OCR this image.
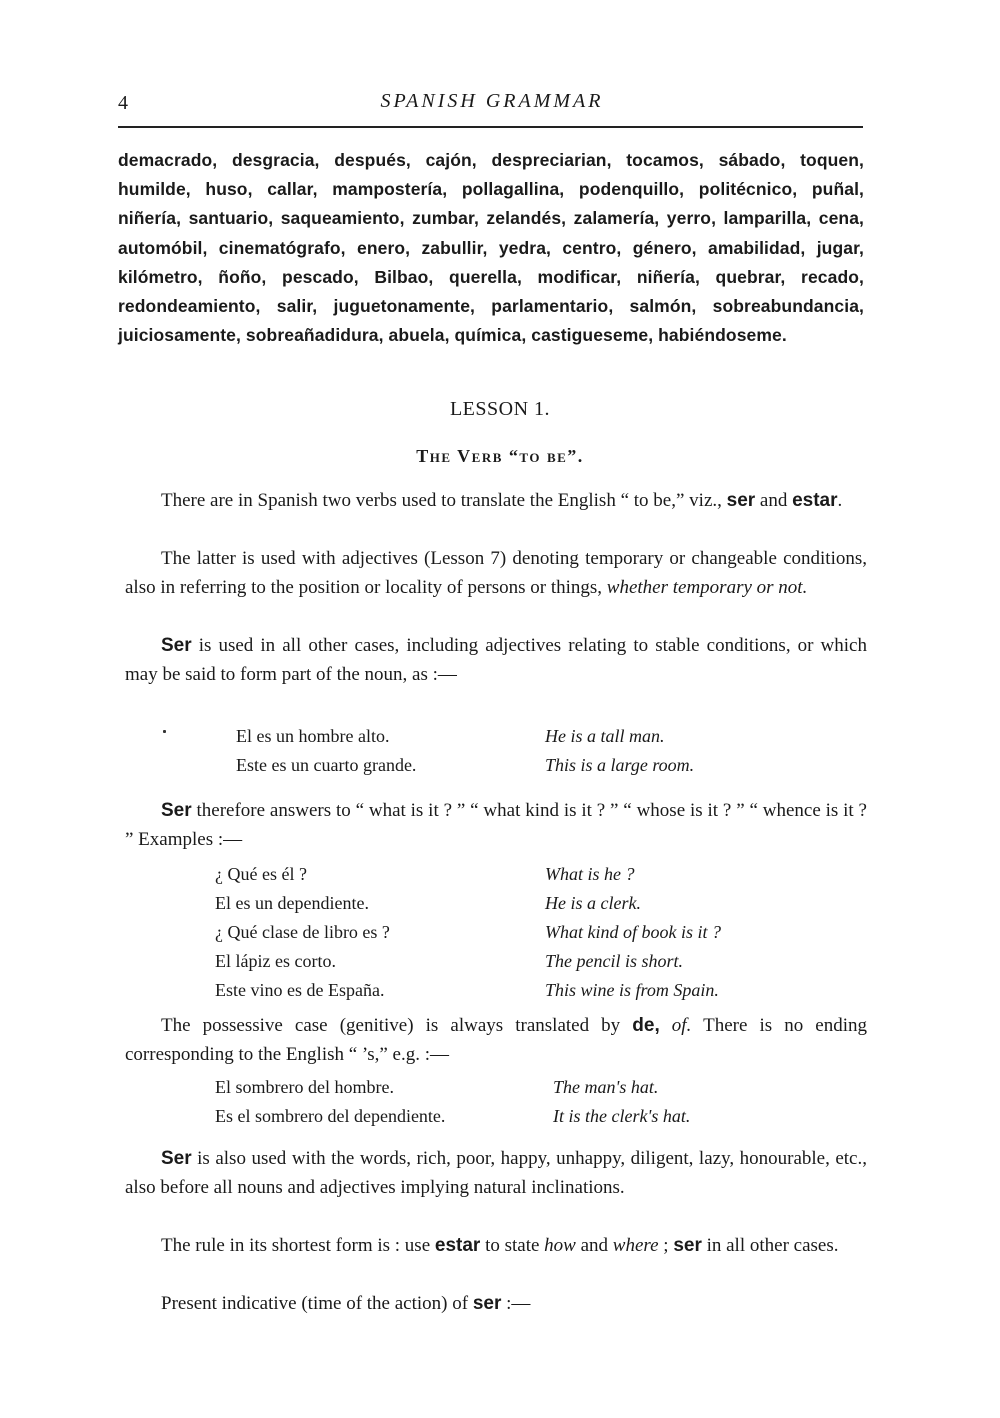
4	SPANISH GRAMMAR
demacrado, desgracia, después, cajón, despreciarian, tocamos, sábado, toquen, humilde, huso, callar, mampostería, pollagallina, podenquillo, politécnico, puñal, niñería, santuario, saqueamiento, zumbar, zelandés, zalamería, yerro, lamparilla, cena, automóbil, cinematógrafo, enero, zabullir, yedra, centro, género, amabilidad, jugar, kilómetro, ñoño, pescado, Bilbao, querella, modificar, niñería, quebrar, recado, redondeamiento, salir, juguetonamente, parlamentario, salmón, sobreabundancia, juiciosamente, sobreañadidura, abuela, química, castigueseme, habiéndoseme.
LESSON 1.
The Verb “to be”.

There are in Spanish two verbs used to translate the English “ to be,” viz., ser and estar.

The latter is used with adjectives (Lesson 7) denoting temporary or changeable conditions, also in referring to the position or locality of persons or things, whether temporary or not.

Ser is used in all other cases, including adjectives relating to stable conditions, or which may be said to form part of the noun, as :—

El es un hombre alto.	He is a tall man.
Este es un cuarto grande.	This is a large room.

Ser therefore answers to “ what is it ? ” “ what kind is it ? ” “ whose is it ? ” “ whence is it ? ” Examples :—

¿ Qué es él ?	What is he ?
El es un dependiente.	He is a clerk.
¿ Qué clase de libro es ?	What kind of book is it ?
El lápiz es corto.	The pencil is short.
Este vino es de España.	This wine is from Spain.

The possessive case (genitive) is always translated by de, of. There is no ending corresponding to the English “ ’s,” e.g. :—

El sombrero del hombre.	The man's hat.
Es el sombrero del dependiente.	It is the clerk's hat.

Ser is also used with the words, rich, poor, happy, unhappy, diligent, lazy, honourable, etc., also before all nouns and adjectives implying natural inclinations.

The rule in its shortest form is : use estar to state how and where ; ser in all other cases.

Present indicative (time of the action) of ser :—
